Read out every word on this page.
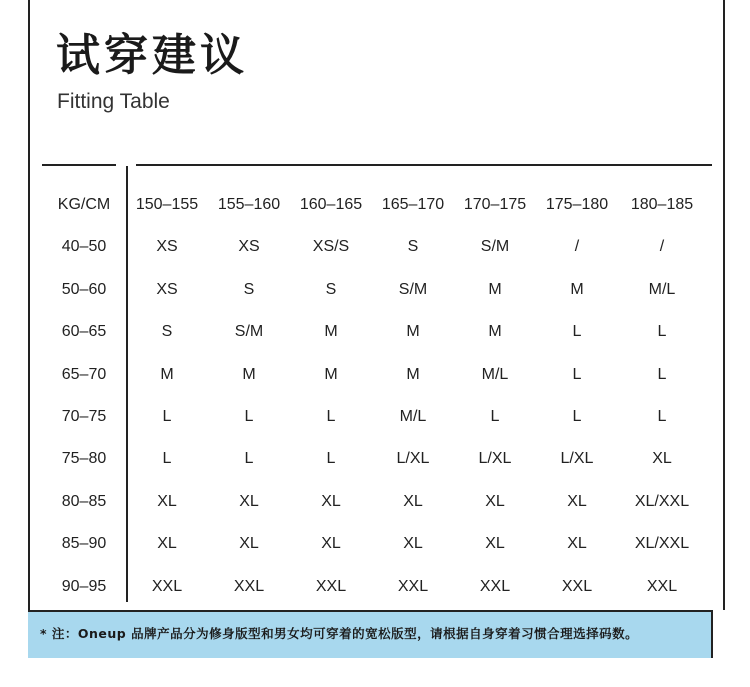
试穿建议
Fitting Table
KG/CM	150–155	155–160	160–165	165–170	170–175	175–180	180–185
40–50	XS	XS	XS/S	S	S/M	/	/
50–60	XS	S	S	S/M	M	M	M/L
60–65	S	S/M	M	M	M	L	L
65–70	M	M	M	M	M/L	L	L
70–75	L	L	L	M/L	L	L	L
75–80	L	L	L	L/XL	L/XL	L/XL	XL
80–85	XL	XL	XL	XL	XL	XL	XL/XXL
85–90	XL	XL	XL	XL	XL	XL	XL/XXL
90–95	XXL	XXL	XXL	XXL	XXL	XXL	XXL
* 注：Oneup 品牌产品分为修身版型和男女均可穿着的宽松版型，请根据自身穿着习惯合理选择码数。
